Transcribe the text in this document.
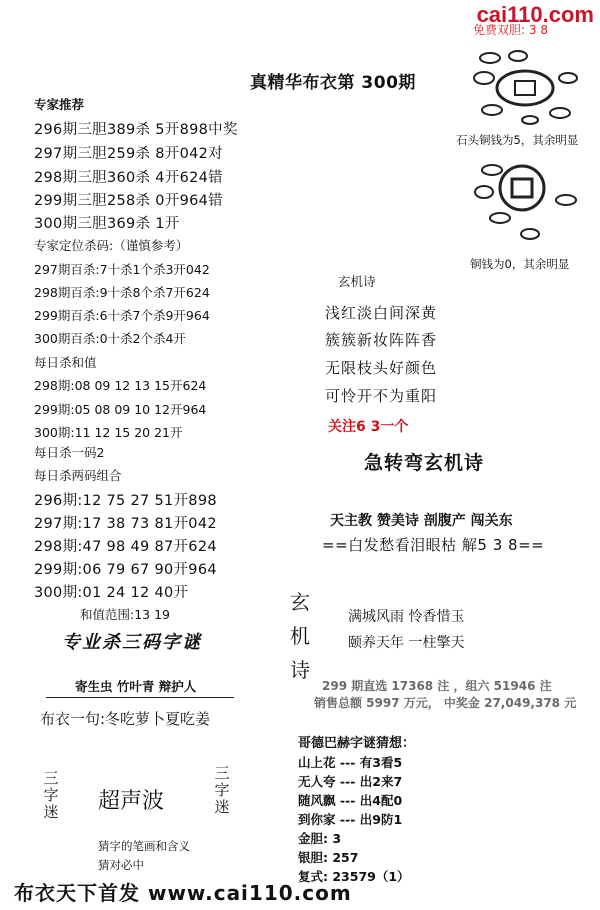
cai110.com
免费双胆: 3 8
真精华布衣第 300期
专家推荐
296期三胆389杀 5开898中奖
297期三胆259杀 8开042对
298期三胆360杀 4开624错
299期三胆258杀 0开964错
300期三胆369杀 1开
专家定位杀码:（谨慎参考）
297期百杀:7十杀1个杀3开042
298期百杀:9十杀8个杀7开624
299期百杀:6十杀7个杀9开964
300期百杀:0十杀2个杀4开
每日杀和值
298期:08 09 12 13 15开624
299期:05 08 09 10 12开964
300期:11 12 15 20 21开
每日杀一码2
每日杀两码组合
296期:12 75 27 51开898
297期:17 38 73 81开042
298期:47 98 49 87开624
299期:06 79 67 90开964
300期:01 24 12 40开
和值范围:13 19
专业杀三码字谜
寄生虫 竹叶青 辩护人
布衣一句:冬吃萝卜夏吃姜
三
字
迷 超声波
三
字
迷
猜字的笔画和含义
猜对必中
石头铜钱为5，其余明显
铜钱为0，其余明显
玄机诗
浅红淡白间深黄
簇簇新妆阵阵香
无限枝头好颜色
可怜开不为重阳
关注6 3一个
急转弯玄机诗
天主教 赞美诗 剖腹产 闯关东
==白发愁看泪眼枯 解5 3 8==
玄
机
诗
满城风雨 怜香惜玉
颐养天年 一柱擎天
299 期直选 17368 注 ，组六 51946 注
销售总额 5997 万元， 中奖金 27,049,378 元
哥德巴赫字谜猜想：
山上花 --- 有3看5
无人夸 --- 出2来7
随风飘 --- 出4配0
到你家 --- 出9防1
金胆: 3
银胆: 257
复式: 23579（1）
布衣天下首发 www.cai110.com
